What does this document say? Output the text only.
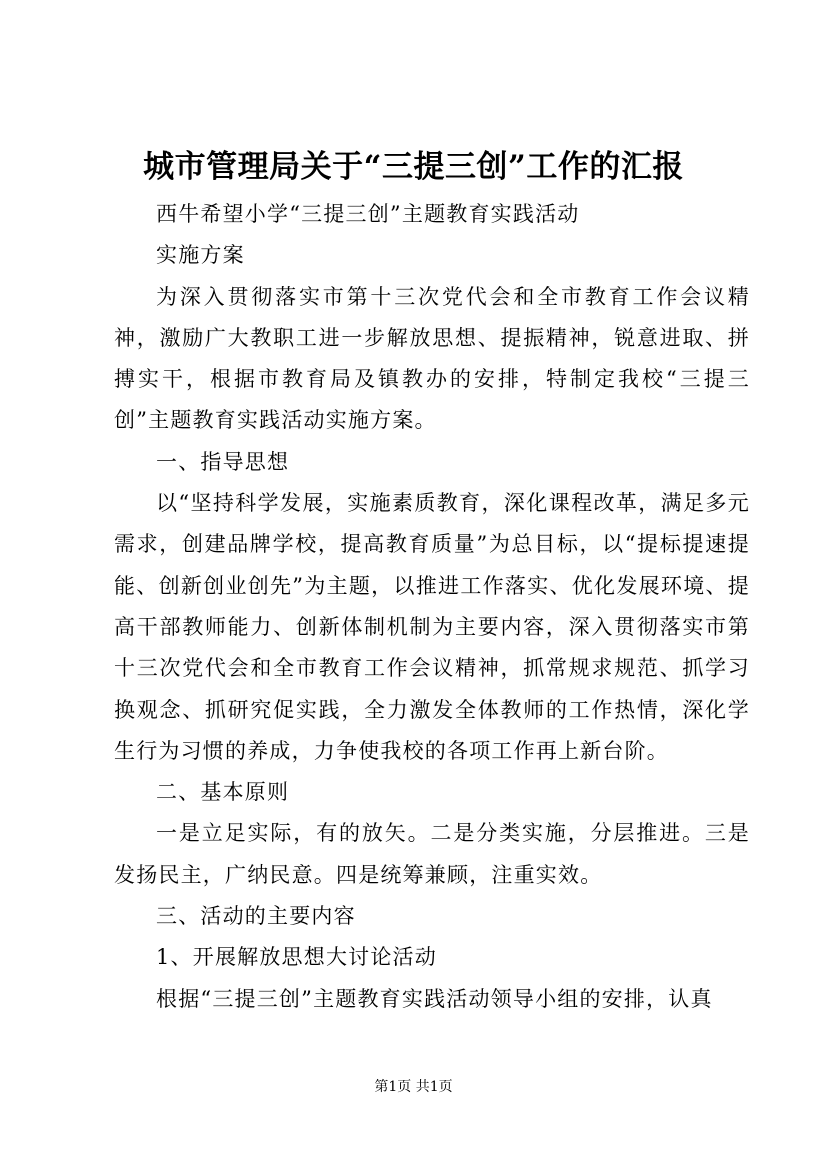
城市管理局关于“三提三创”工作的汇报

西牛希望小学“三提三创”主题教育实践活动

实施方案

为深入贯彻落实市第十三次党代会和全市教育工作会议精神，激励广大教职工进一步解放思想、提振精神，锐意进取、拼搏实干，根据市教育局及镇教办的安排，特制定我校“三提三创”主题教育实践活动实施方案。

一、指导思想

以“坚持科学发展，实施素质教育，深化课程改革，满足多元需求，创建品牌学校，提高教育质量”为总目标，以“提标提速提能、创新创业创先”为主题，以推进工作落实、优化发展环境、提高干部教师能力、创新体制机制为主要内容，深入贯彻落实市第十三次党代会和全市教育工作会议精神，抓常规求规范、抓学习换观念、抓研究促实践，全力激发全体教师的工作热情，深化学生行为习惯的养成，力争使我校的各项工作再上新台阶。

二、基本原则

一是立足实际，有的放矢。二是分类实施，分层推进。三是发扬民主，广纳民意。四是统筹兼顾，注重实效。

三、活动的主要内容

1、开展解放思想大讨论活动

根据“三提三创”主题教育实践活动领导小组的安排，认真

第1页 共1页
